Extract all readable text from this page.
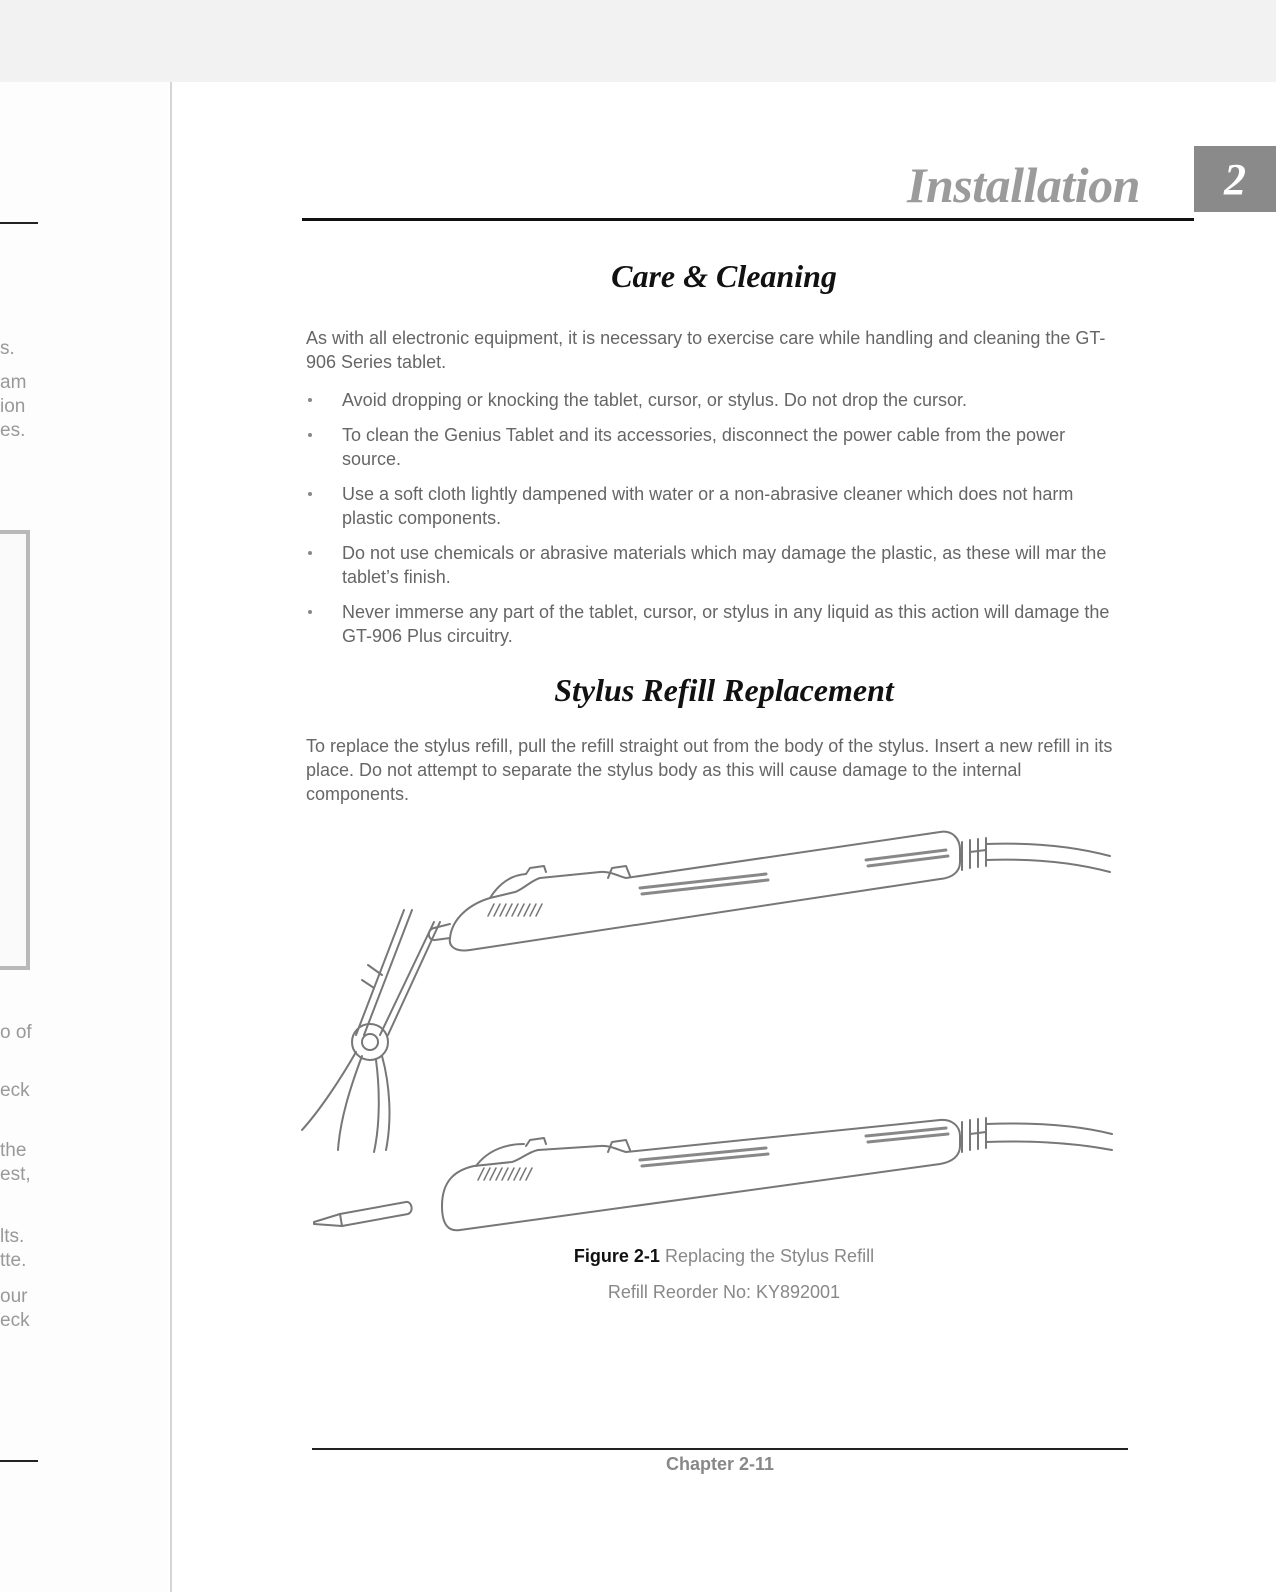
s.
am
ion
es.
o of
eck
the
est,
lts.
tte.
our
eck
Installation 2
Care & Cleaning
As with all electronic equipment, it is necessary to exercise care while handling and cleaning the GT-906 Series tablet.
Avoid dropping or knocking the tablet, cursor, or stylus. Do not drop the cursor.
To clean the Genius Tablet and its accessories, disconnect the power cable from the power source.
Use a soft cloth lightly dampened with water or a non-abrasive cleaner which does not harm plastic components.
Do not use chemicals or abrasive materials which may damage the plastic, as these will mar the tablet’s finish.
Never immerse any part of the tablet, cursor, or stylus in any liquid as this action will damage the GT-906 Plus circuitry.
Stylus Refill Replacement
To replace the stylus refill, pull the refill straight out from the body of the stylus. Insert a new refill in its place. Do not attempt to separate the stylus body as this will cause damage to the internal components.
Figure 2-1 Replacing the Stylus Refill
Refill Reorder No: KY892001
Chapter 2-11
